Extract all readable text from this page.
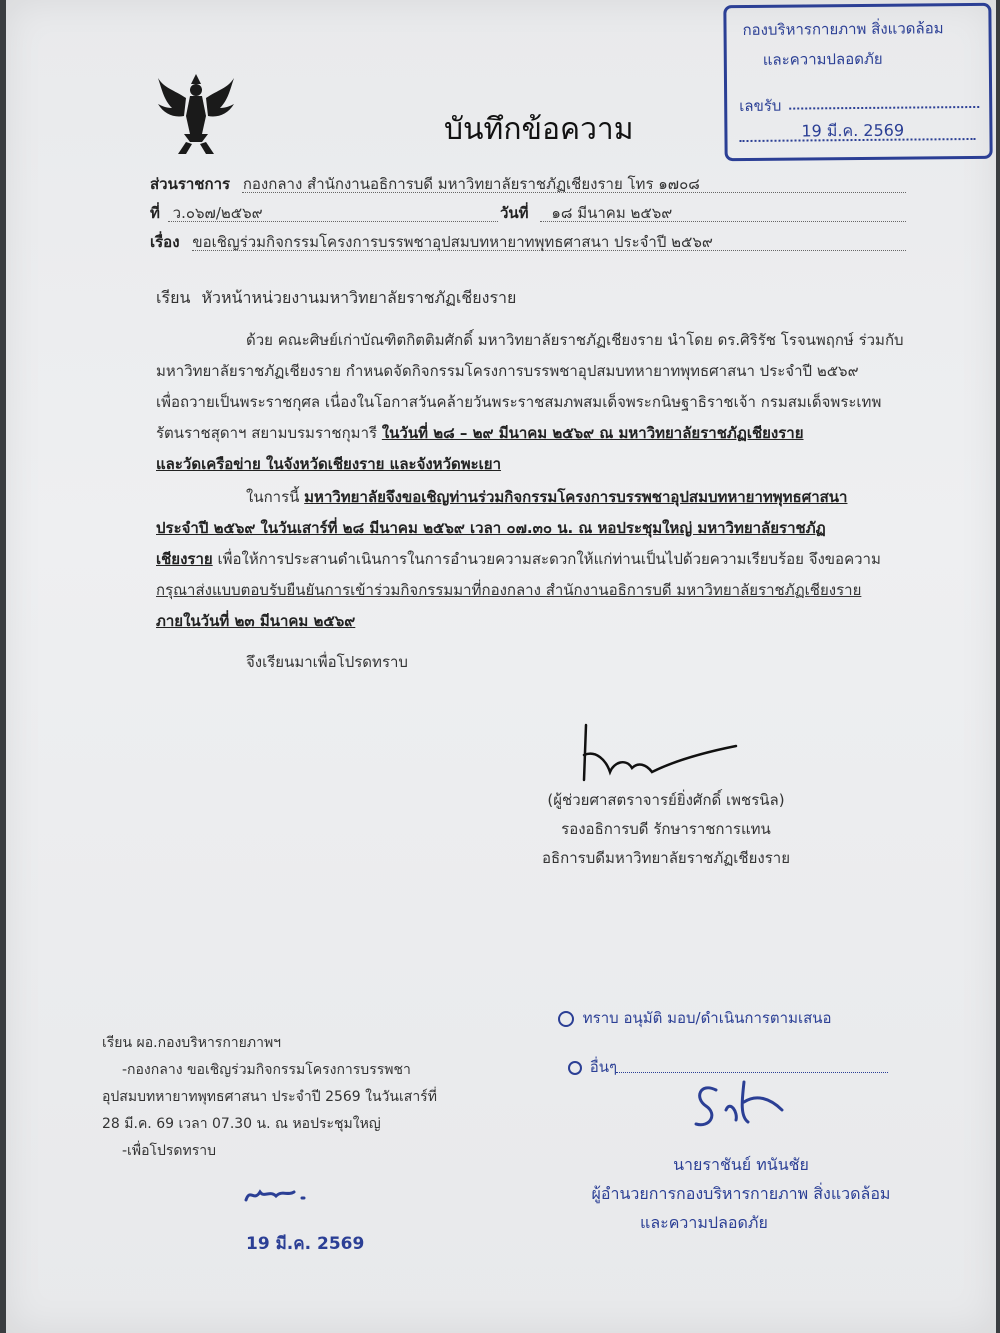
บันทึกข้อความ
กองบริหารกายภาพ สิ่งแวดล้อม
และความปลอดภัย
เลขรับ
19 มี.ค. 2569
ส่วนราชการ กองกลาง สำนักงานอธิการบดี มหาวิทยาลัยราชภัฏเชียงราย โทร ๑๗๐๘
ที่ ว.๐๖๗/๒๕๖๙	วันที่ ๑๘ มีนาคม ๒๕๖๙
เรื่อง ขอเชิญร่วมกิจกรรมโครงการบรรพชาอุปสมบทหายาทพุทธศาสนา ประจำปี ๒๕๖๙
เรียน หัวหน้าหน่วยงานมหาวิทยาลัยราชภัฏเชียงราย
ด้วย คณะศิษย์เก่าบัณฑิตกิตติมศักดิ์ มหาวิทยาลัยราชภัฏเชียงราย นำโดย ดร.ศิริรัช โรจนพฤกษ์ ร่วมกับ
มหาวิทยาลัยราชภัฏเชียงราย กำหนดจัดกิจกรรมโครงการบรรพชาอุปสมบทหายาทพุทธศาสนา ประจำปี ๒๕๖๙
เพื่อถวายเป็นพระราชกุศล เนื่องในโอกาสวันคล้ายวันพระราชสมภพสมเด็จพระกนิษฐาธิราชเจ้า กรมสมเด็จพระเทพ
รัตนราชสุดาฯ สยามบรมราชกุมารี ในวันที่ ๒๘ – ๒๙ มีนาคม ๒๕๖๙ ณ มหาวิทยาลัยราชภัฏเชียงราย
และวัดเครือข่าย ในจังหวัดเชียงราย และจังหวัดพะเยา
ในการนี้ มหาวิทยาลัยจึงขอเชิญท่านร่วมกิจกรรมโครงการบรรพชาอุปสมบทหายาทพุทธศาสนา
ประจำปี ๒๕๖๙ ในวันเสาร์ที่ ๒๘ มีนาคม ๒๕๖๙ เวลา ๐๗.๓๐ น. ณ หอประชุมใหญ่ มหาวิทยาลัยราชภัฏ
เชียงราย เพื่อให้การประสานดำเนินการในการอำนวยความสะดวกให้แก่ท่านเป็นไปด้วยความเรียบร้อย จึงขอความ
กรุณาส่งแบบตอบรับยืนยันการเข้าร่วมกิจกรรมมาที่กองกลาง สำนักงานอธิการบดี มหาวิทยาลัยราชภัฏเชียงราย
ภายในวันที่ ๒๓ มีนาคม ๒๕๖๙
จึงเรียนมาเพื่อโปรดทราบ
(ผู้ช่วยศาสตราจารย์ยิ่งศักดิ์ เพชรนิล)
รองอธิการบดี รักษาราชการแทน
อธิการบดีมหาวิทยาลัยราชภัฏเชียงราย
เรียน ผอ.กองบริหารกายภาพฯ
-กองกลาง ขอเชิญร่วมกิจกรรมโครงการบรรพชา
อุปสมบทหายาทพุทธศาสนา ประจำปี 2569 ในวันเสาร์ที่
28 มี.ค. 69 เวลา 07.30 น. ณ หอประชุมใหญ่
-เพื่อโปรดทราบ
19 มี.ค. 2569
ทราบ อนุมัติ มอบ/ดำเนินการตามเสนอ
อื่นๆ
นายราชันย์ ทนันชัย
ผู้อำนวยการกองบริหารกายภาพ สิ่งแวดล้อม
และความปลอดภัย
